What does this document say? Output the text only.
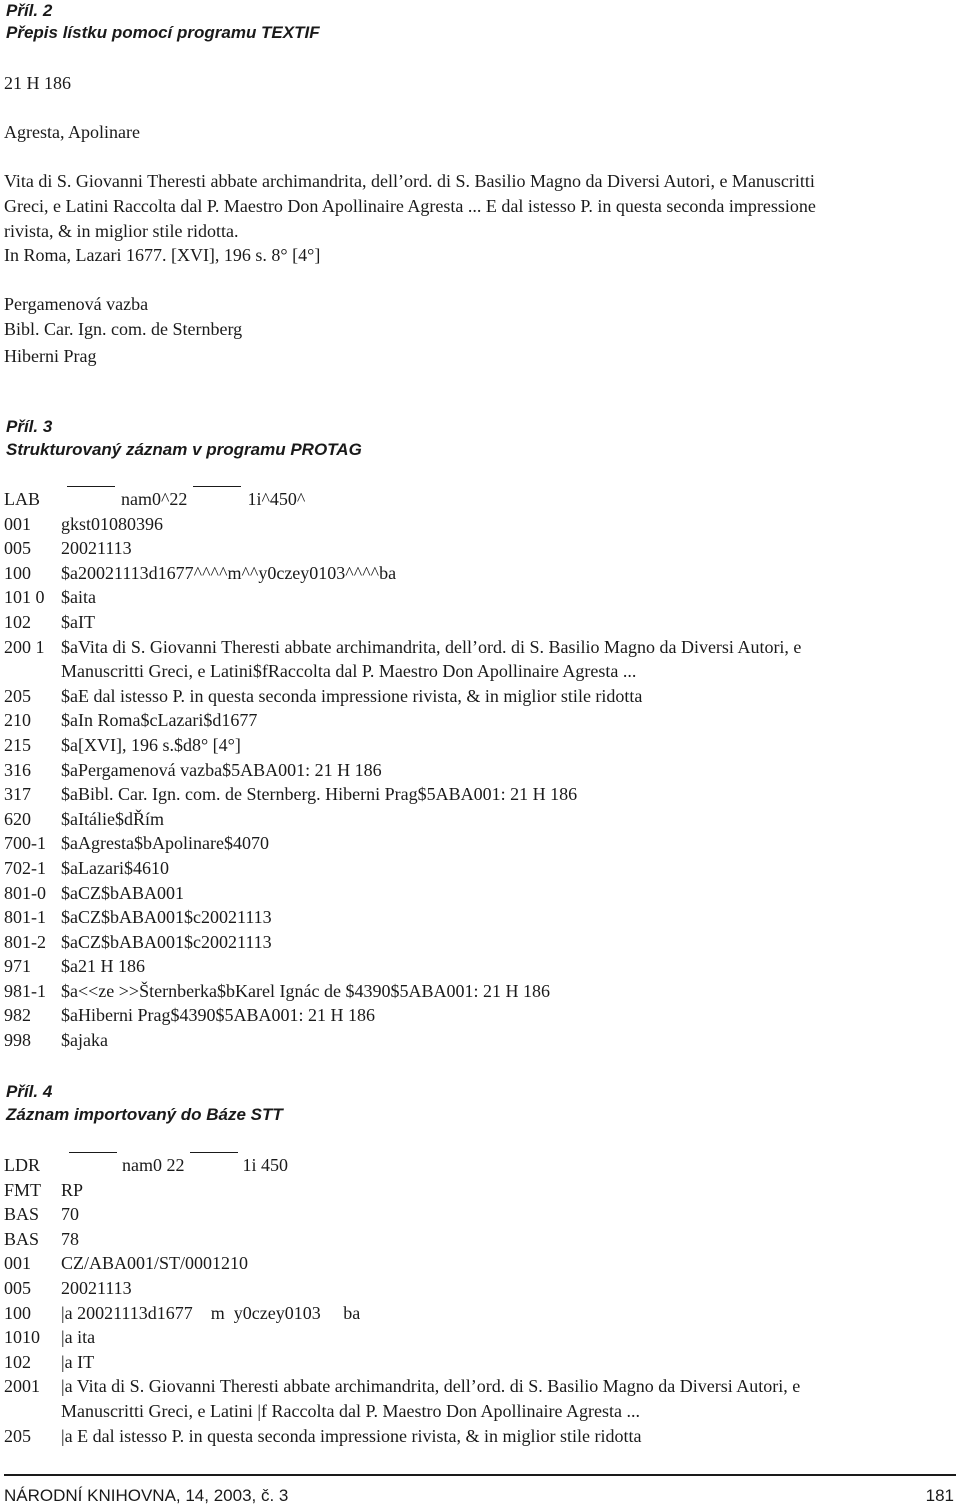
Příl. 2
Přepis lístku pomocí programu TEXTIF
21 H 186
Agresta, Apolinare
Vita di S. Giovanni Theresti abbate archimandrita, dell’ord. di S. Basilio Magno da Diversi Autori, e Manuscritti
Greci, e Latini Raccolta dal P. Maestro Don Apollinaire Agresta ... E dal istesso P. in questa seconda impressione
rivista, & in miglior stile ridotta.
In Roma, Lazari 1677. [XVI], 196 s. 8° [4°]
Pergamenová vazba
Bibl. Car. Ign. com. de Sternberg
Hiberni Prag
Příl. 3
Strukturovaný záznam v programu PROTAG
LAB	nam0^22	1i^450^
001	gkst01080396
005	20021113
100	$a20021113d1677^^^^m^^y0czey0103^^^^ba
101 0 $aita
102	$aIT
200 1 $aVita di S. Giovanni Theresti abbate archimandrita, dell’ord. di S. Basilio Magno da Diversi Autori, e
Manuscritti Greci, e Latini$fRaccolta dal P. Maestro Don Apollinaire Agresta ...
205	$aE dal istesso P. in questa seconda impressione rivista, & in miglior stile ridotta
210	$aIn Roma$cLazari$d1677
215	$a[XVI], 196 s.$d8° [4°]
316	$aPergamenová vazba$5ABA001: 21 H 186
317	$aBibl. Car. Ign. com. de Sternberg. Hiberni Prag$5ABA001: 21 H 186
620	$aItálie$dŘím
700-1 $aAgresta$bApolinare$4070
702-1 $aLazari$4610
801-0 $aCZ$bABA001
801-1 $aCZ$bABA001$c20021113
801-2 $aCZ$bABA001$c20021113
971	$a21 H 186
981-1 $a<<ze >>Šternberka$bKarel Ignác de $4390$5ABA001: 21 H 186
982	$aHiberni Prag$4390$5ABA001: 21 H 186
998	$ajaka
Příl. 4
Záznam importovaný do Báze STT
LDR	nam0 22	1i 450
FMT	RP
BAS	70
BAS	78
001	CZ/ABA001/ST/0001210
005	20021113
100	|a 20021113d1677    m  y0czey0103     ba
1010	|a ita
102	|a IT
2001	|a Vita di S. Giovanni Theresti abbate archimandrita, dell’ord. di S. Basilio Magno da Diversi Autori, e
Manuscritti Greci, e Latini |f Raccolta dal P. Maestro Don Apollinaire Agresta ...
205	|a E dal istesso P. in questa seconda impressione rivista, & in miglior stile ridotta
NÁRODNÍ KNIHOVNA, 14, 2003, č. 3	181
